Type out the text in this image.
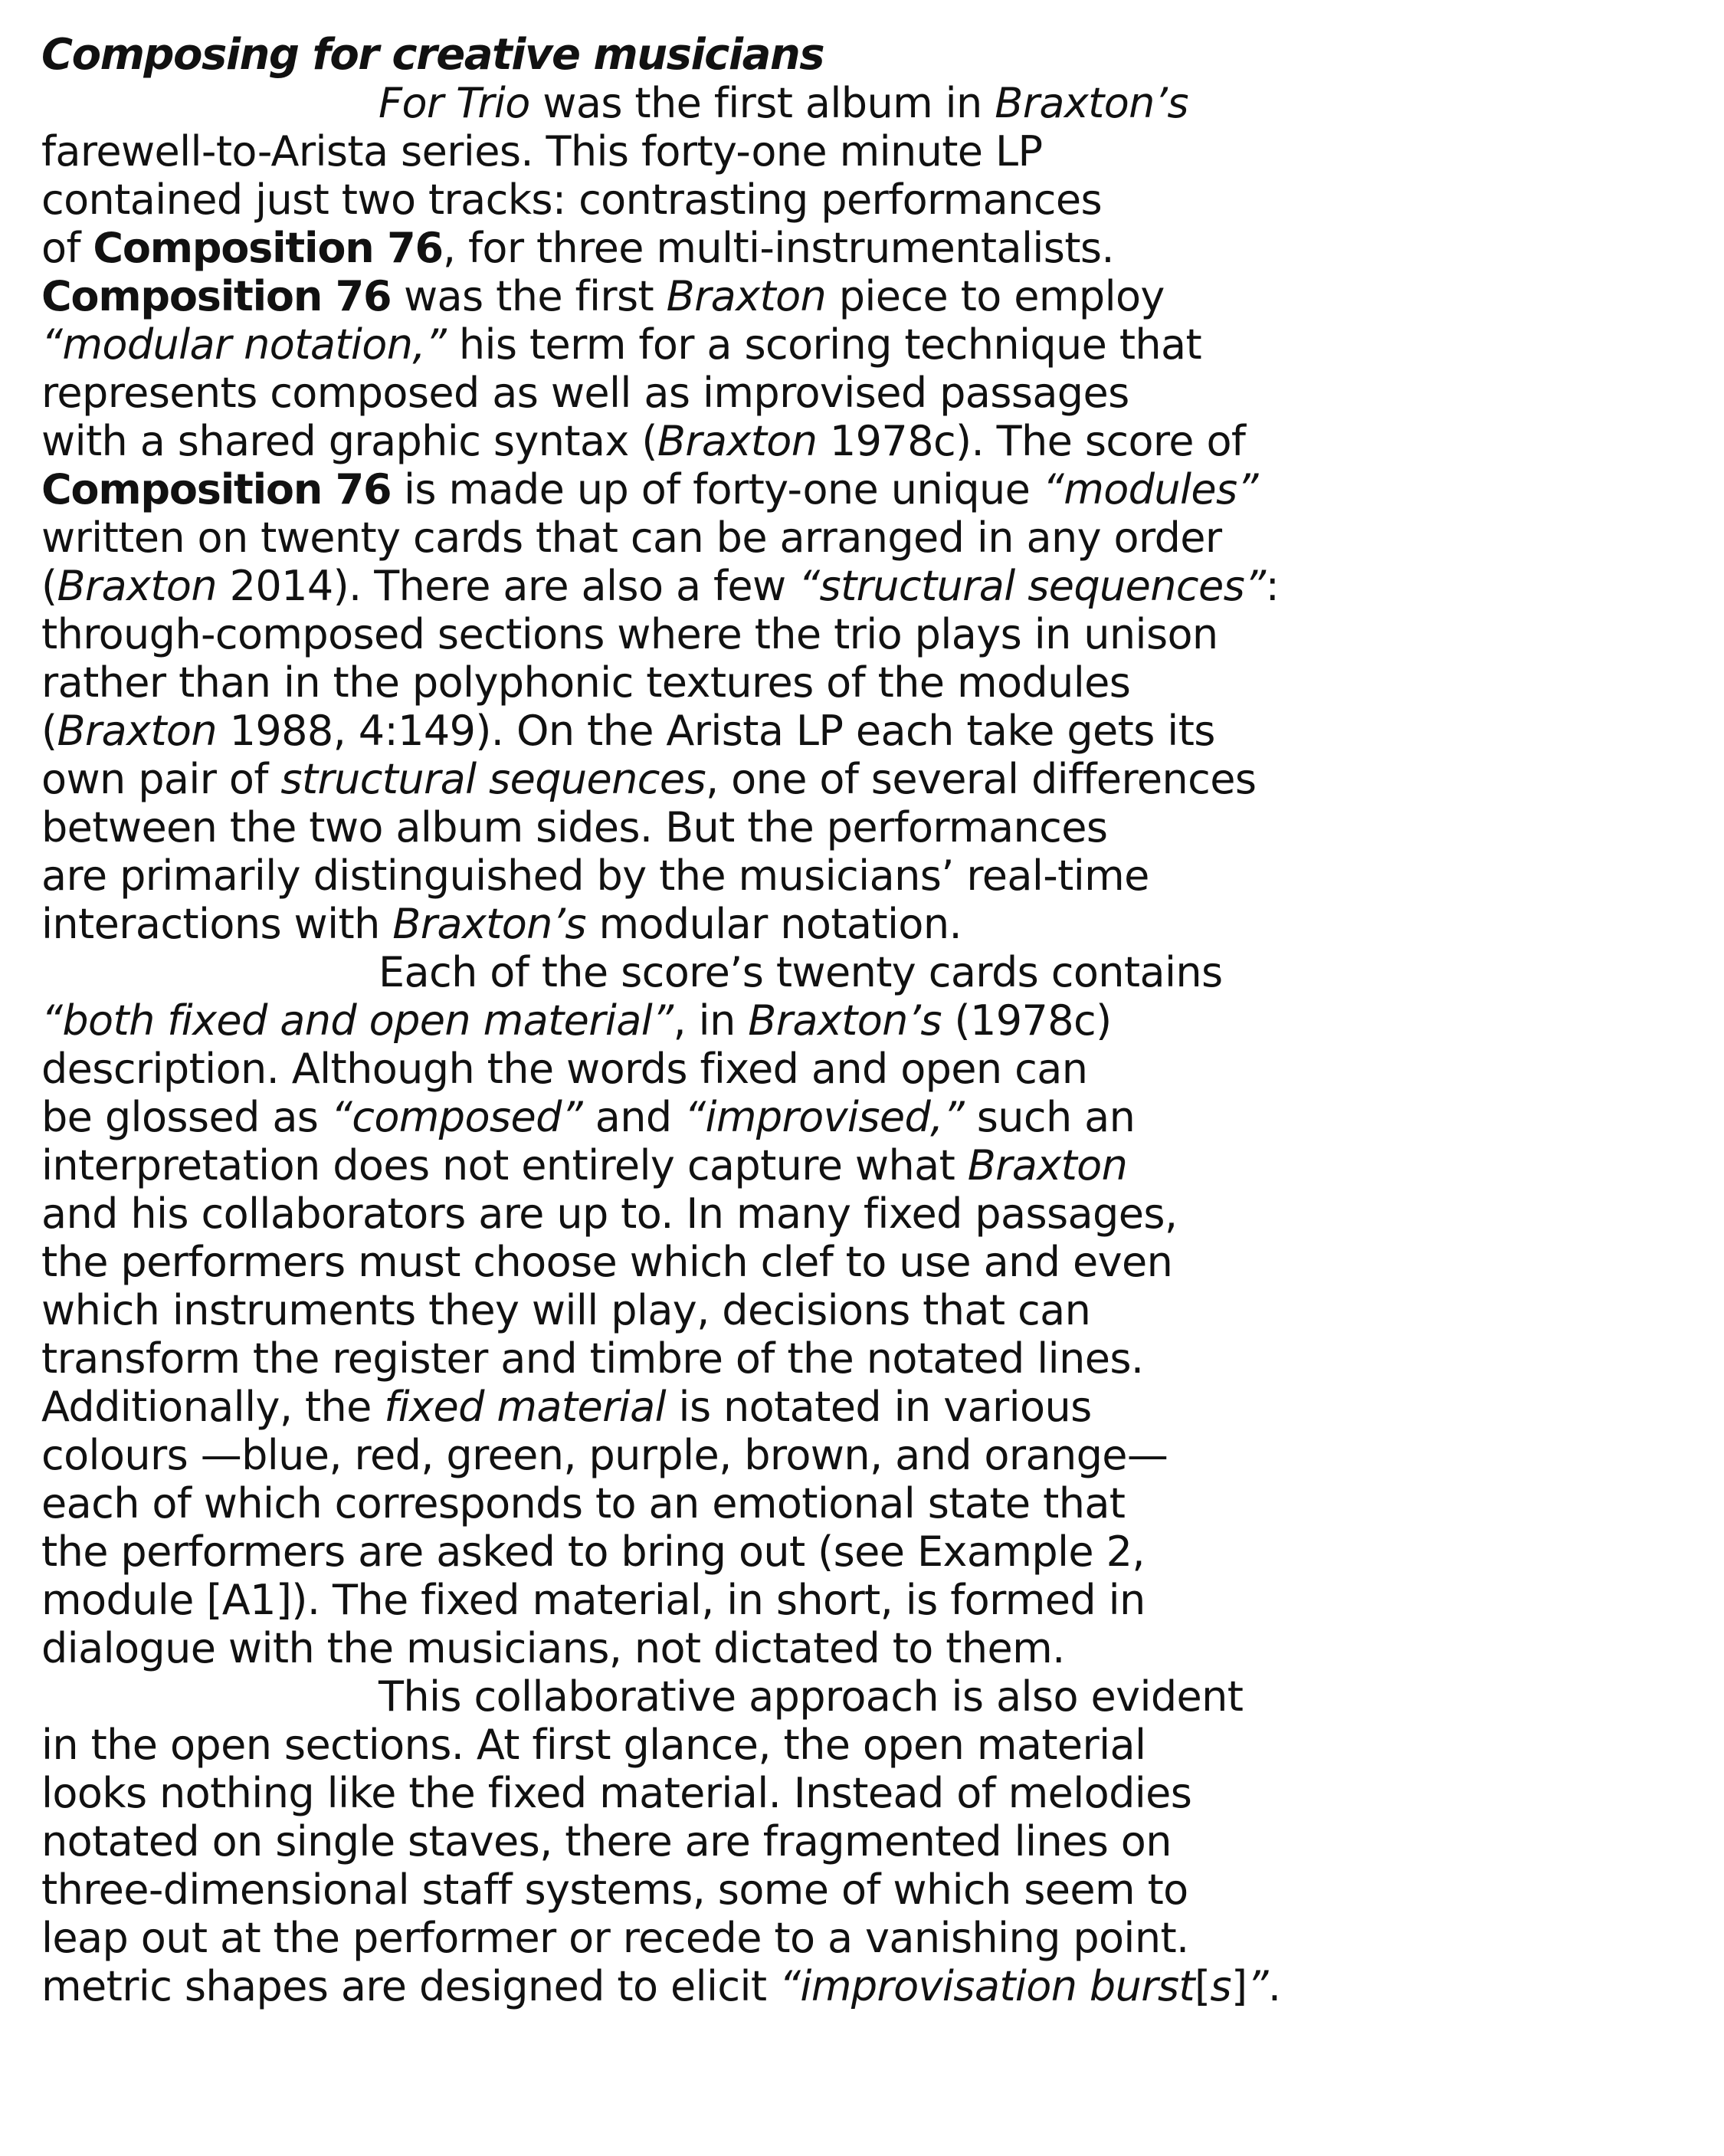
Composing for creative musicians
For Trio was the first album in Braxton’s
farewell-to-Arista series. This forty-one minute LP
contained just two tracks: contrasting performances
of Composition 76, for three multi-instrumentalists.
Composition 76 was the first Braxton piece to employ
“modular notation,” his term for a scoring technique that
represents composed as well as improvised passages
with a shared graphic syntax (Braxton 1978c). The score of
Composition 76 is made up of forty-one unique “modules”
written on twenty cards that can be arranged in any order
(Braxton 2014). There are also a few “structural sequences”:
through-composed sections where the trio plays in unison
rather than in the polyphonic textures of the modules
(Braxton 1988, 4:149). On the Arista LP each take gets its
own pair of structural sequences, one of several differences
between the two album sides. But the performances
are primarily distinguished by the musicians’ real-time
interactions with Braxton’s modular notation.
Each of the score’s twenty cards contains
“both fixed and open material”, in Braxton’s (1978c)
description. Although the words fixed and open can
be glossed as “composed” and “improvised,” such an
interpretation does not entirely capture what Braxton
and his collaborators are up to. In many fixed passages,
the performers must choose which clef to use and even
which instruments they will play, decisions that can
transform the register and timbre of the notated lines.
Additionally, the fixed material is notated in various
colours —blue, red, green, purple, brown, and orange—
each of which corresponds to an emotional state that
the performers are asked to bring out (see Example 2,
module [A1]). The fixed material, in short, is formed in
dialogue with the musicians, not dictated to them.
This collaborative approach is also evident
in the open sections. At first glance, the open material
looks nothing like the fixed material. Instead of melodies
notated on single staves, there are fragmented lines on
three-dimensional staff systems, some of which seem to
leap out at the performer or recede to a vanishing point.
metric shapes are designed to elicit “improvisation burst[s]”.
